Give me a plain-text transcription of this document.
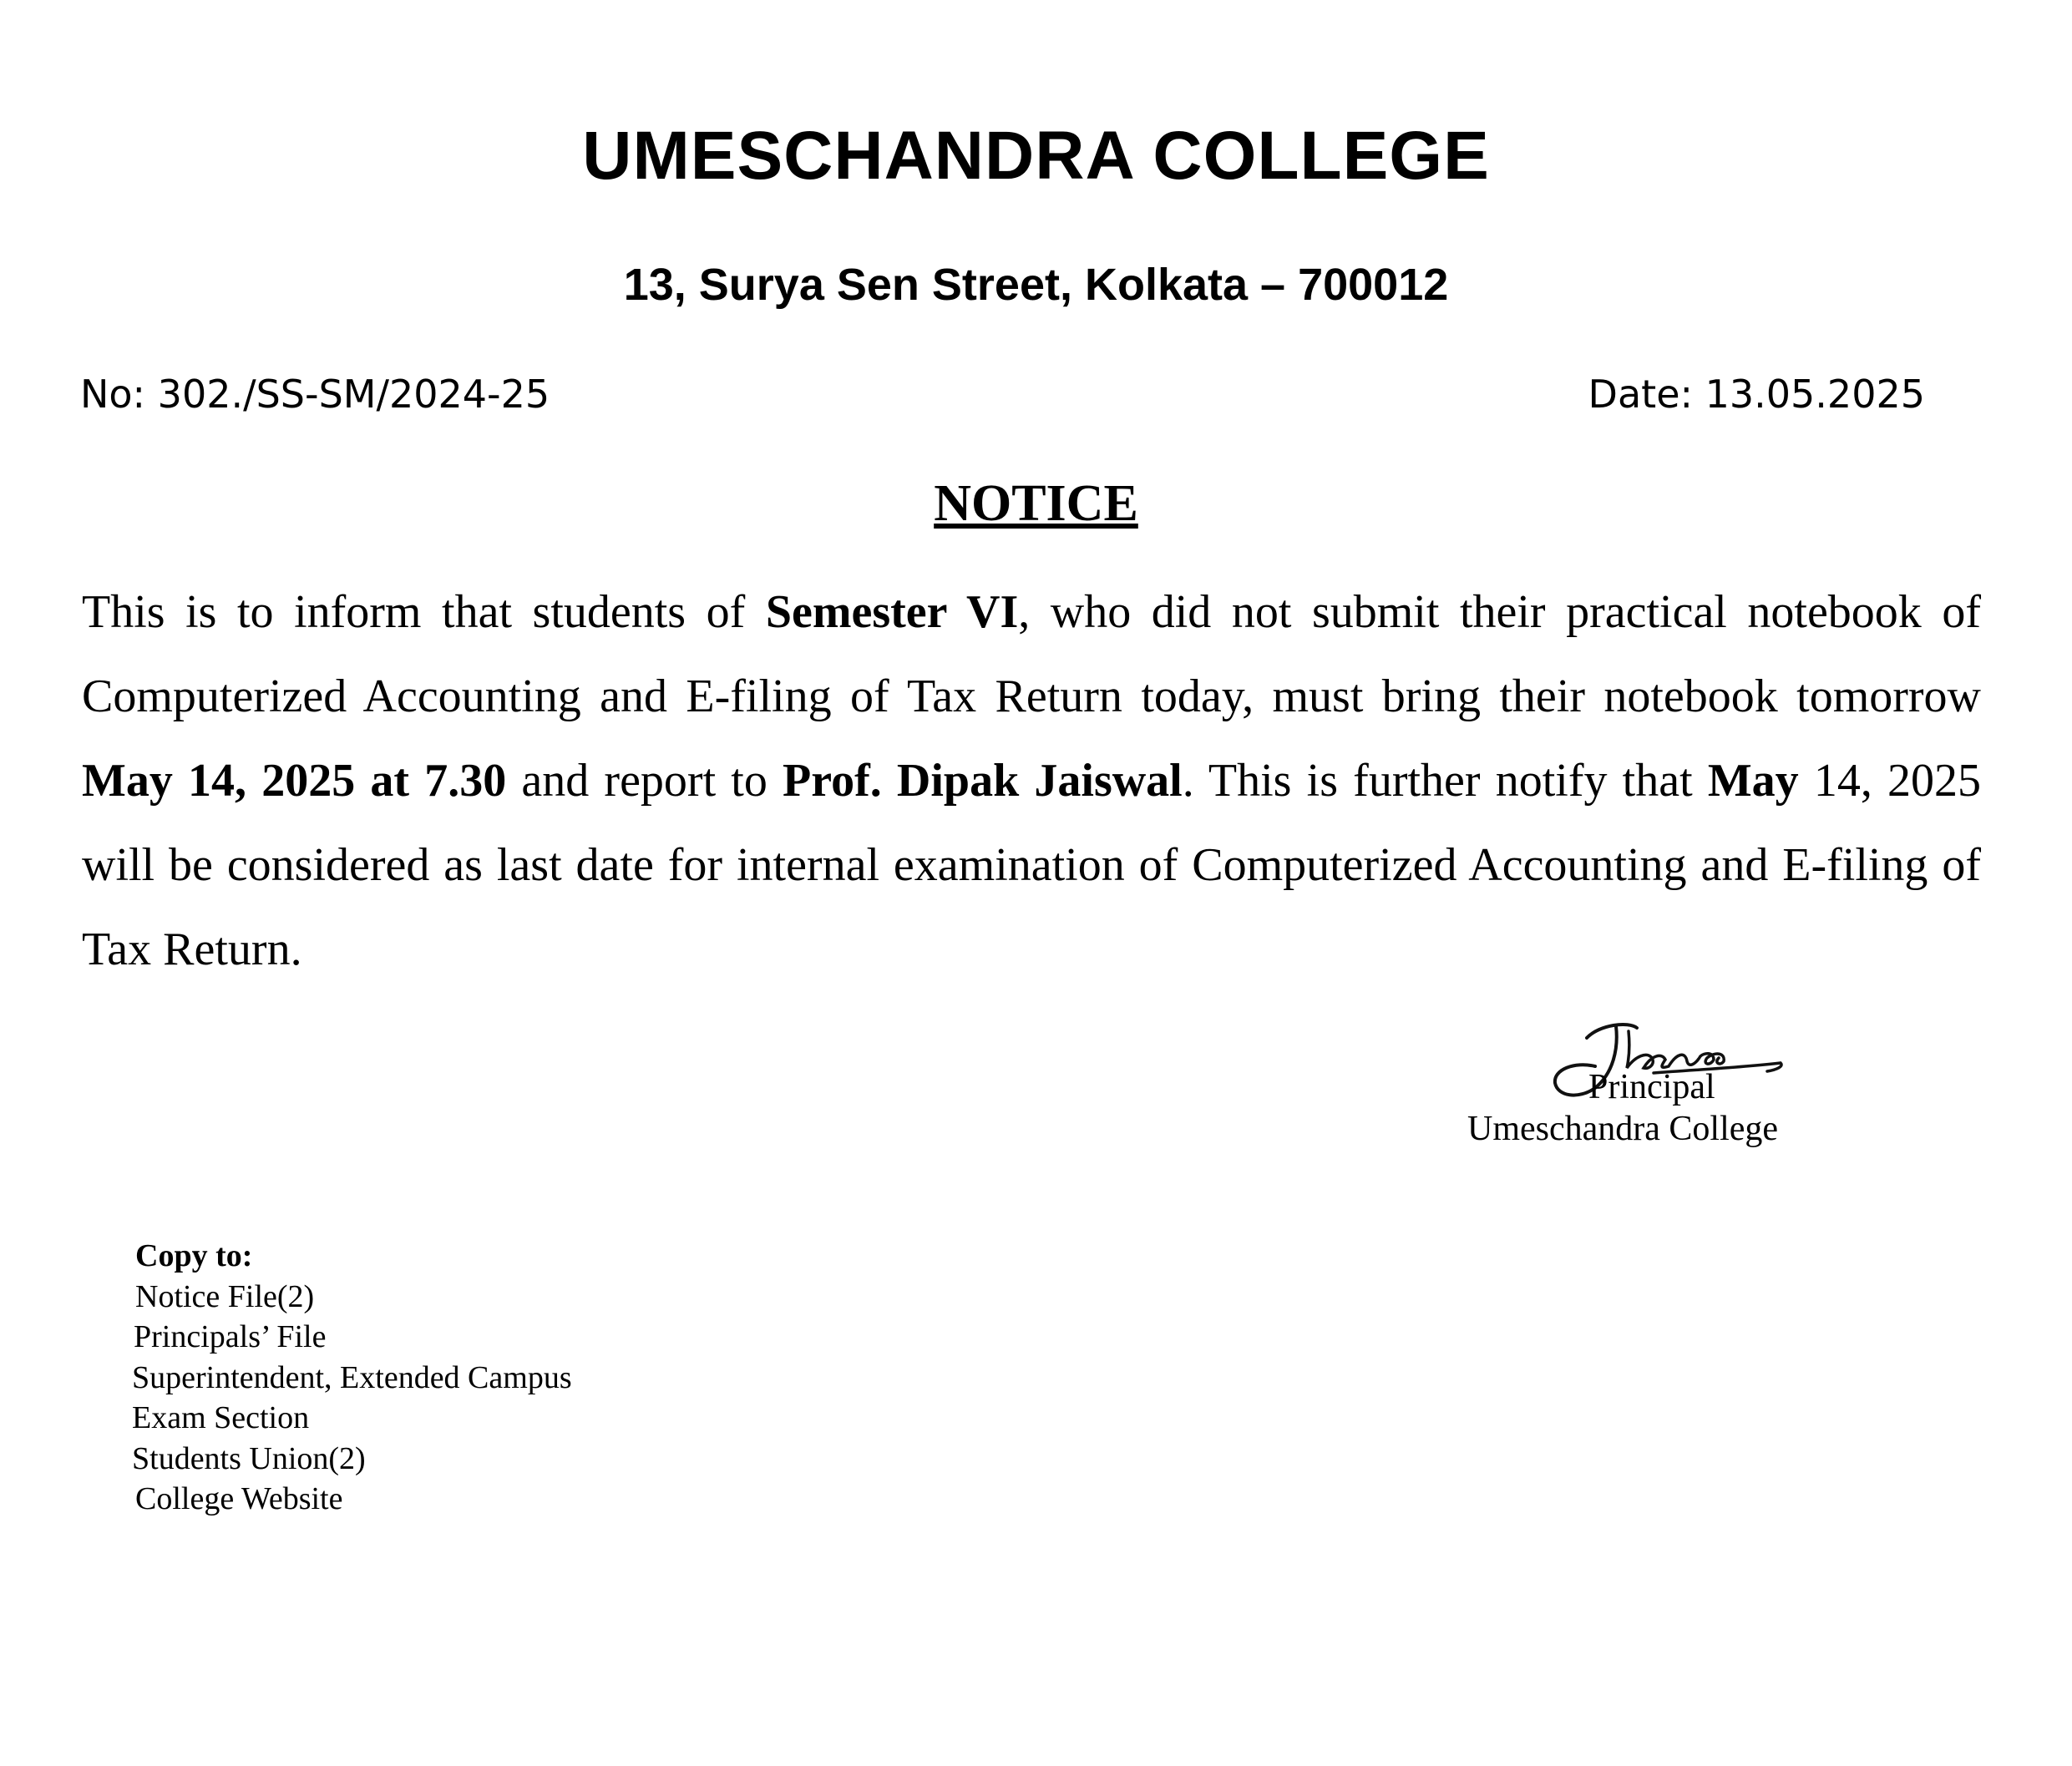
UMESCHANDRA COLLEGE
13, Surya Sen Street, Kolkata – 700012
No: 302./SS-SM/2024-25	Date: 13.05.2025
NOTICE
This is to inform that students of Semester VI, who did not submit their practical notebook of Computerized Accounting and E-filing of Tax Return today, must bring their notebook tomorrow May 14, 2025 at 7.30 and report to Prof. Dipak Jaiswal. This is further notify that May 14, 2025 will be considered as last date for internal examination of Computerized Accounting and E-filing of Tax Return.
Principal
Umeschandra College
Copy to:
Notice File(2)
Principals’ File
Superintendent, Extended Campus
Exam Section
Students Union(2)
College Website
